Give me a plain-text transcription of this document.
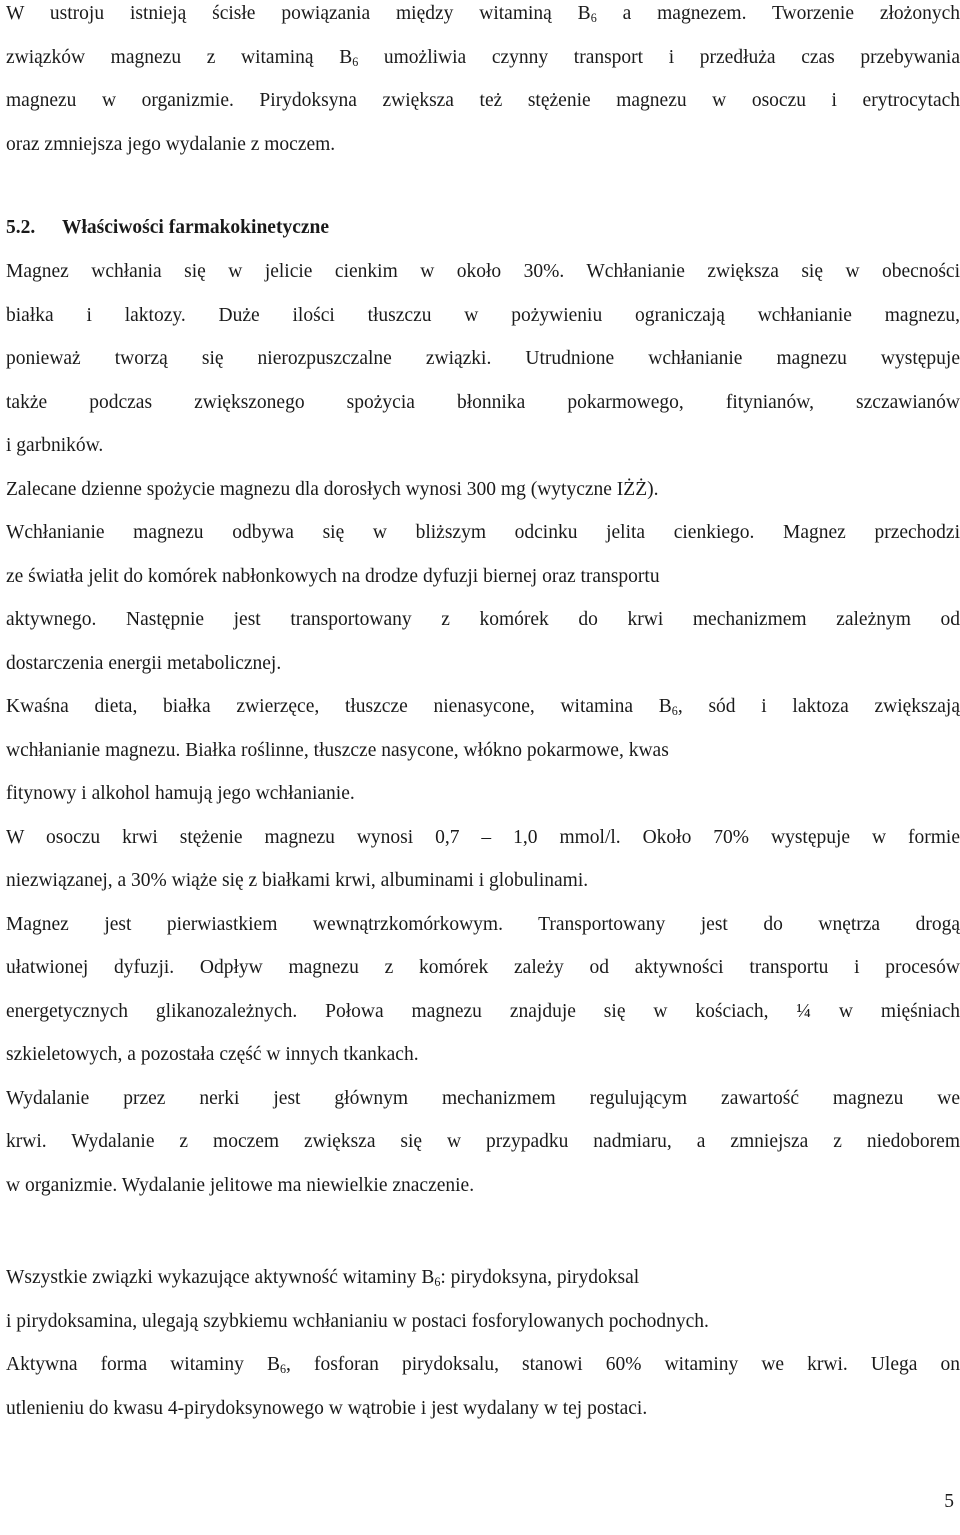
W ustroju istnieją ścisłe powiązania między witaminą $B_6$ a magnezem. Tworzenie złożonych
związków magnezu z witaminą $B_6$ umożliwia czynny transport i przedłuża czas przebywania
magnezu w organizmie. Pirydoksyna zwiększa też stężenie magnezu w osoczu i erytrocytach
oraz zmniejsza jego wydalanie z moczem.
5.2. Właściwości farmakokinetyczne
Magnez wchłania się w jelicie cienkim w około 30%. Wchłanianie zwiększa się w obecności
białka i laktozy. Duże ilości tłuszczu w pożywieniu ograniczają wchłanianie magnezu,
ponieważ tworzą się nierozpuszczalne związki. Utrudnione wchłanianie magnezu występuje
także podczas zwiększonego spożycia błonnika pokarmowego, fitynianów, szczawianów
i garbników.
Zalecane dzienne spożycie magnezu dla dorosłych wynosi 300 mg (wytyczne IŻŻ).
Wchłanianie magnezu odbywa się w bliższym odcinku jelita cienkiego. Magnez przechodzi
ze światła jelit do komórek nabłonkowych na drodze dyfuzji biernej oraz transportu
aktywnego. Następnie jest transportowany z komórek do krwi mechanizmem zależnym od
dostarczenia energii metabolicznej.
Kwaśna dieta, białka zwierzęce, tłuszcze nienasycone, witamina $B_6$, sód i laktoza zwiększają
wchłanianie magnezu. Białka roślinne, tłuszcze nasycone, włókno pokarmowe, kwas
fitynowy i alkohol hamują jego wchłanianie.
W osoczu krwi stężenie magnezu wynosi 0,7 – 1,0 mmol/l. Około 70% występuje w formie
niezwiązanej, a 30% wiąże się z białkami krwi, albuminami i globulinami.
Magnez jest pierwiastkiem wewnątrzkomórkowym. Transportowany jest do wnętrza drogą
ułatwionej dyfuzji. Odpływ magnezu z komórek zależy od aktywności transportu i procesów
energetycznych glikanozależnych. Połowa magnezu znajduje się w kościach, ¼ w mięśniach
szkieletowych, a pozostała część w innych tkankach.
Wydalanie przez nerki jest głównym mechanizmem regulującym zawartość magnezu we
krwi. Wydalanie z moczem zwiększa się w przypadku nadmiaru, a zmniejsza z niedoborem
w organizmie. Wydalanie jelitowe ma niewielkie znaczenie.
Wszystkie związki wykazujące aktywność witaminy $B_6$: pirydoksyna, pirydoksal
i pirydoksamina, ulegają szybkiemu wchłanianiu w postaci fosforylowanych pochodnych.
Aktywna forma witaminy $B_6$, fosforan pirydoksalu, stanowi 60% witaminy we krwi. Ulega on
utlenieniu do kwasu 4-pirydoksynowego w wątrobie i jest wydalany w tej postaci.
5
